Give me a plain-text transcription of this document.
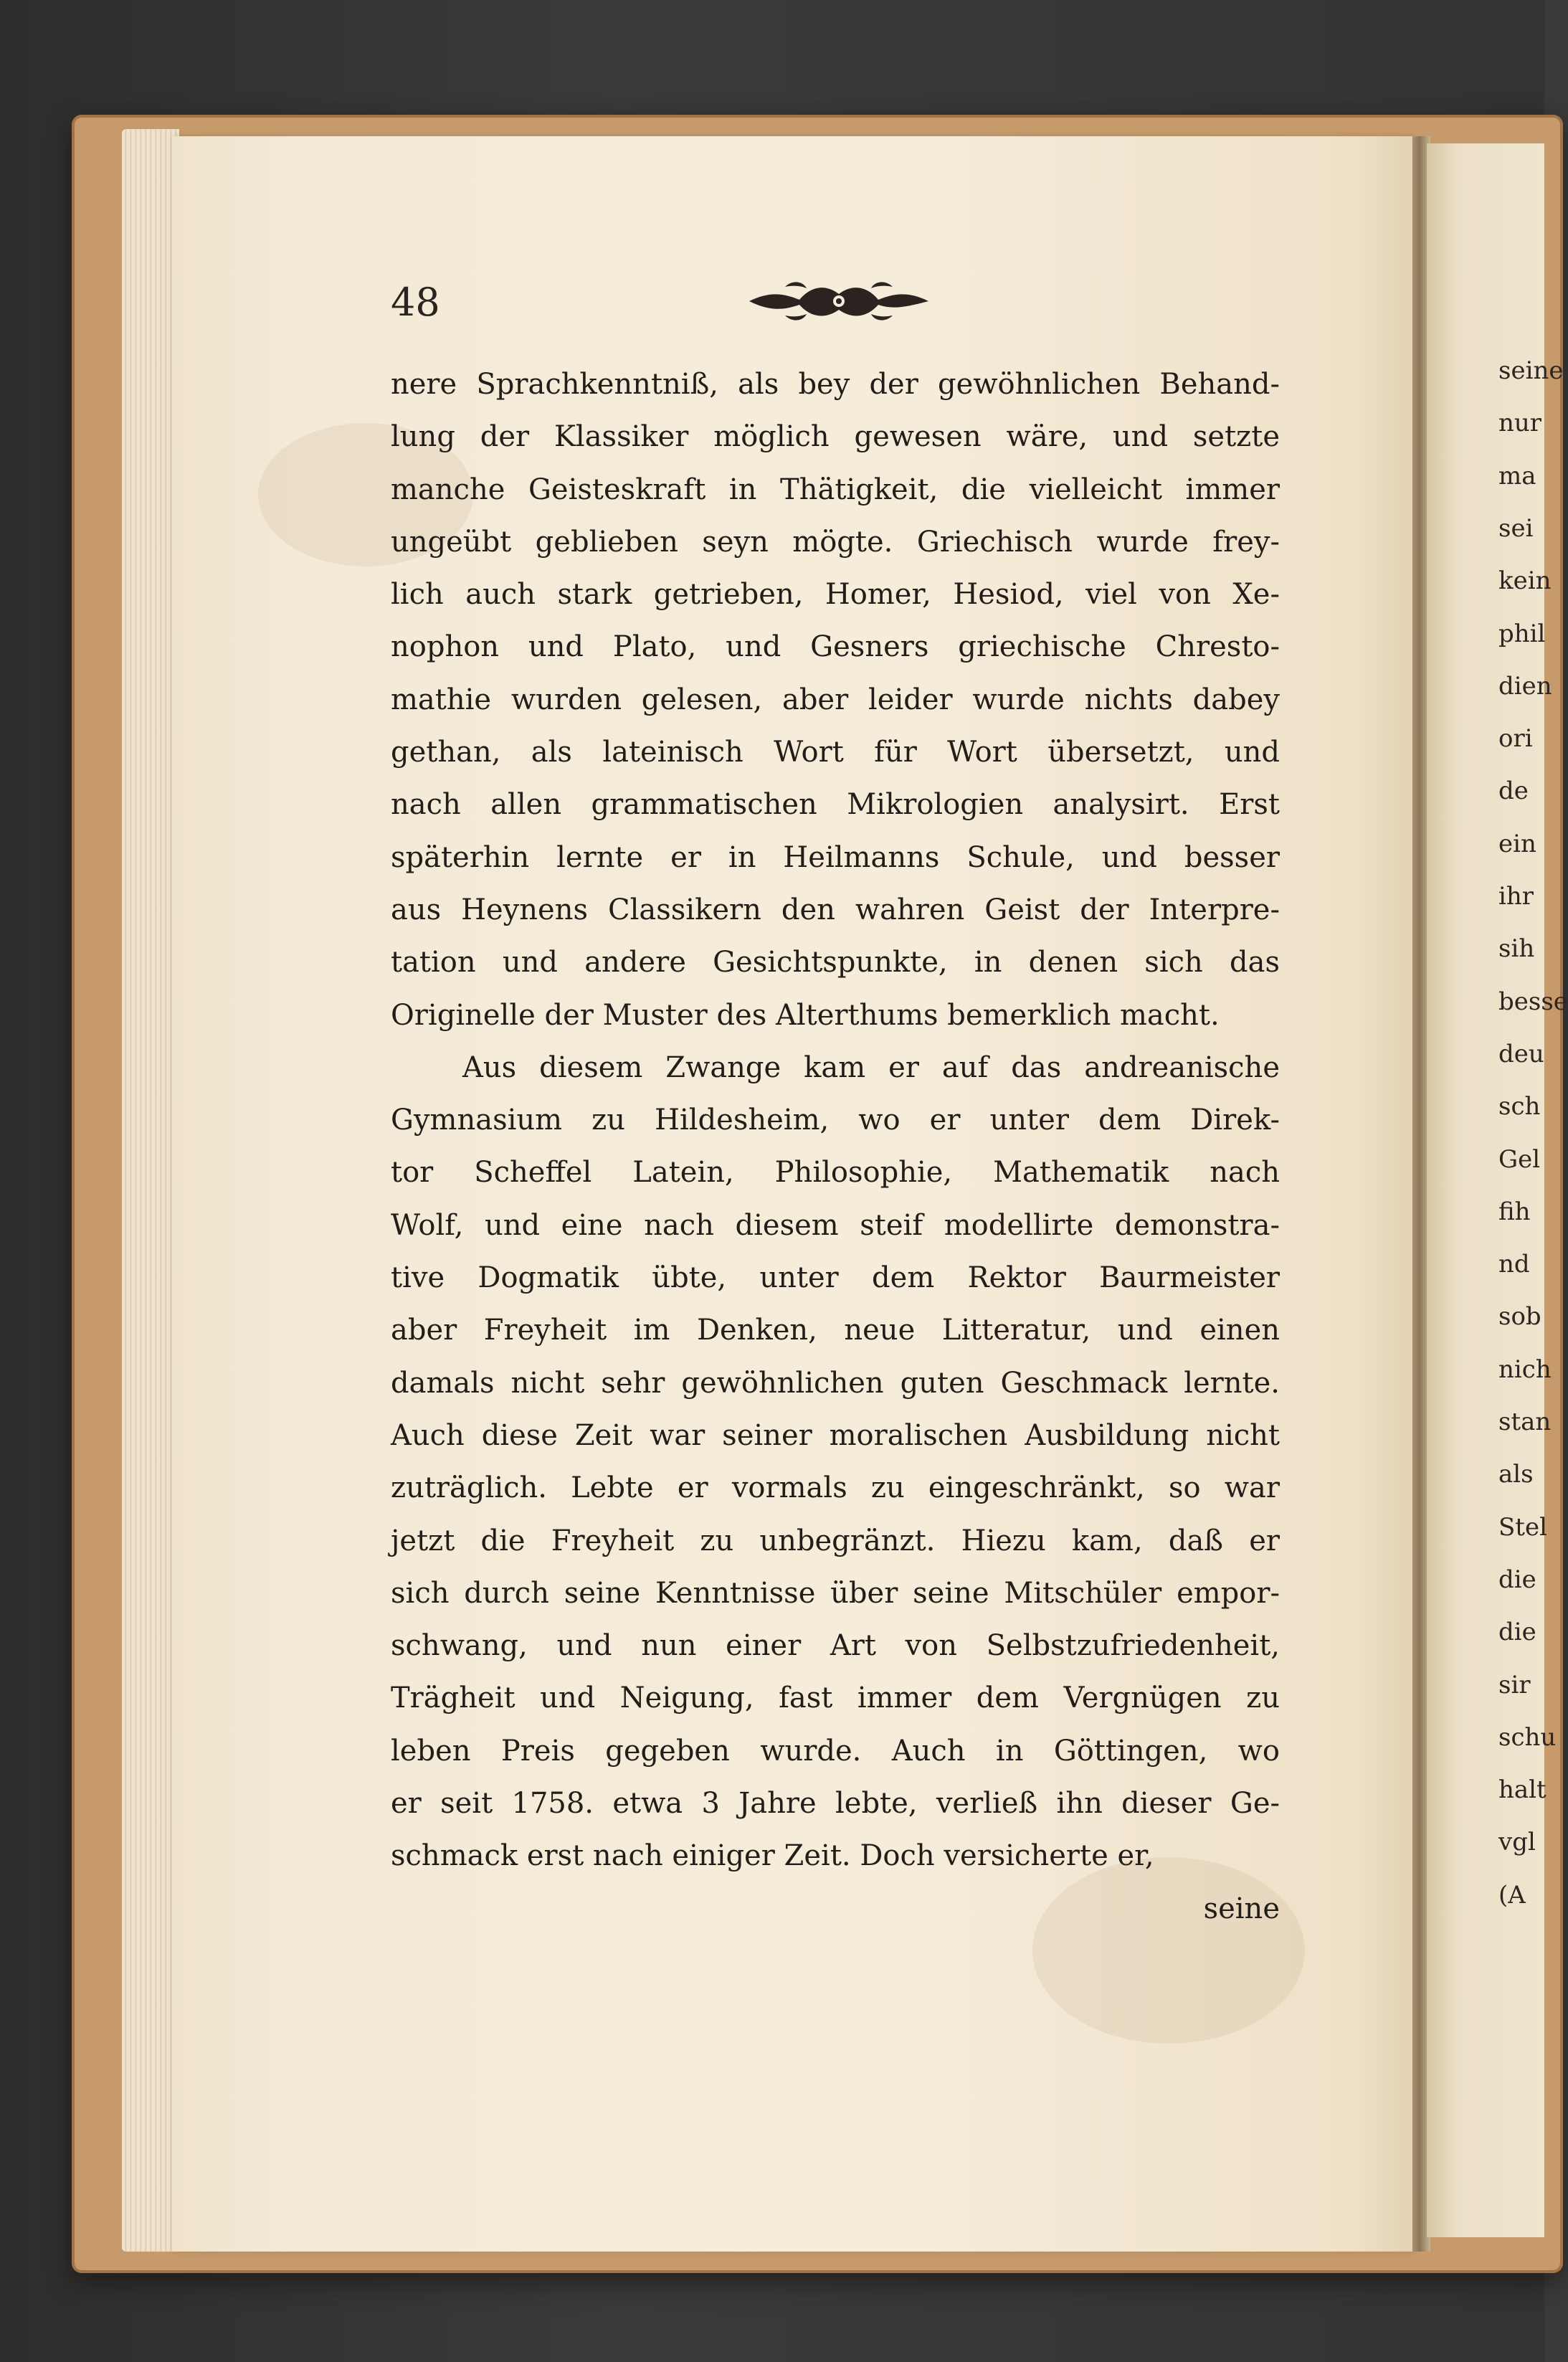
seine
nur
ma
sei
kein
phil
dien
ori
de
ein
ihr
sih
besse
deu
sch
Gel
fih
nd
sob
nich
stan
als
Stel
die
die
sir
schu
halt
vgl
(A
48
nere Sprachkenntniß, als bey der gewöhnlichen Behand-
lung der Klassiker möglich gewesen wäre, und setzte
manche Geisteskraft in Thätigkeit, die vielleicht immer
ungeübt geblieben seyn mögte. Griechisch wurde frey-
lich auch stark getrieben, Homer, Hesiod, viel von Xe-
nophon und Plato, und Gesners griechische Chresto-
mathie wurden gelesen, aber leider wurde nichts dabey
gethan, als lateinisch Wort für Wort übersetzt, und
nach allen grammatischen Mikrologien analysirt. Erst
späterhin lernte er in Heilmanns Schule, und besser
aus Heynens Classikern den wahren Geist der Interpre-
tation und andere Gesichtspunkte, in denen sich das
Originelle der Muster des Alterthums bemerklich macht.
Aus diesem Zwange kam er auf das andreanische
Gymnasium zu Hildesheim, wo er unter dem Direk-
tor Scheffel Latein, Philosophie, Mathematik nach
Wolf, und eine nach diesem steif modellirte demonstra-
tive Dogmatik übte, unter dem Rektor Baurmeister
aber Freyheit im Denken, neue Litteratur, und einen
damals nicht sehr gewöhnlichen guten Geschmack lernte.
Auch diese Zeit war seiner moralischen Ausbildung nicht
zuträglich. Lebte er vormals zu eingeschränkt, so war
jetzt die Freyheit zu unbegränzt. Hiezu kam, daß er
sich durch seine Kenntnisse über seine Mitschüler empor-
schwang, und nun einer Art von Selbstzufriedenheit,
Trägheit und Neigung, fast immer dem Vergnügen zu
leben Preis gegeben wurde. Auch in Göttingen, wo
er seit 1758. etwa 3 Jahre lebte, verließ ihn dieser Ge-
schmack erst nach einiger Zeit. Doch versicherte er,
seine
